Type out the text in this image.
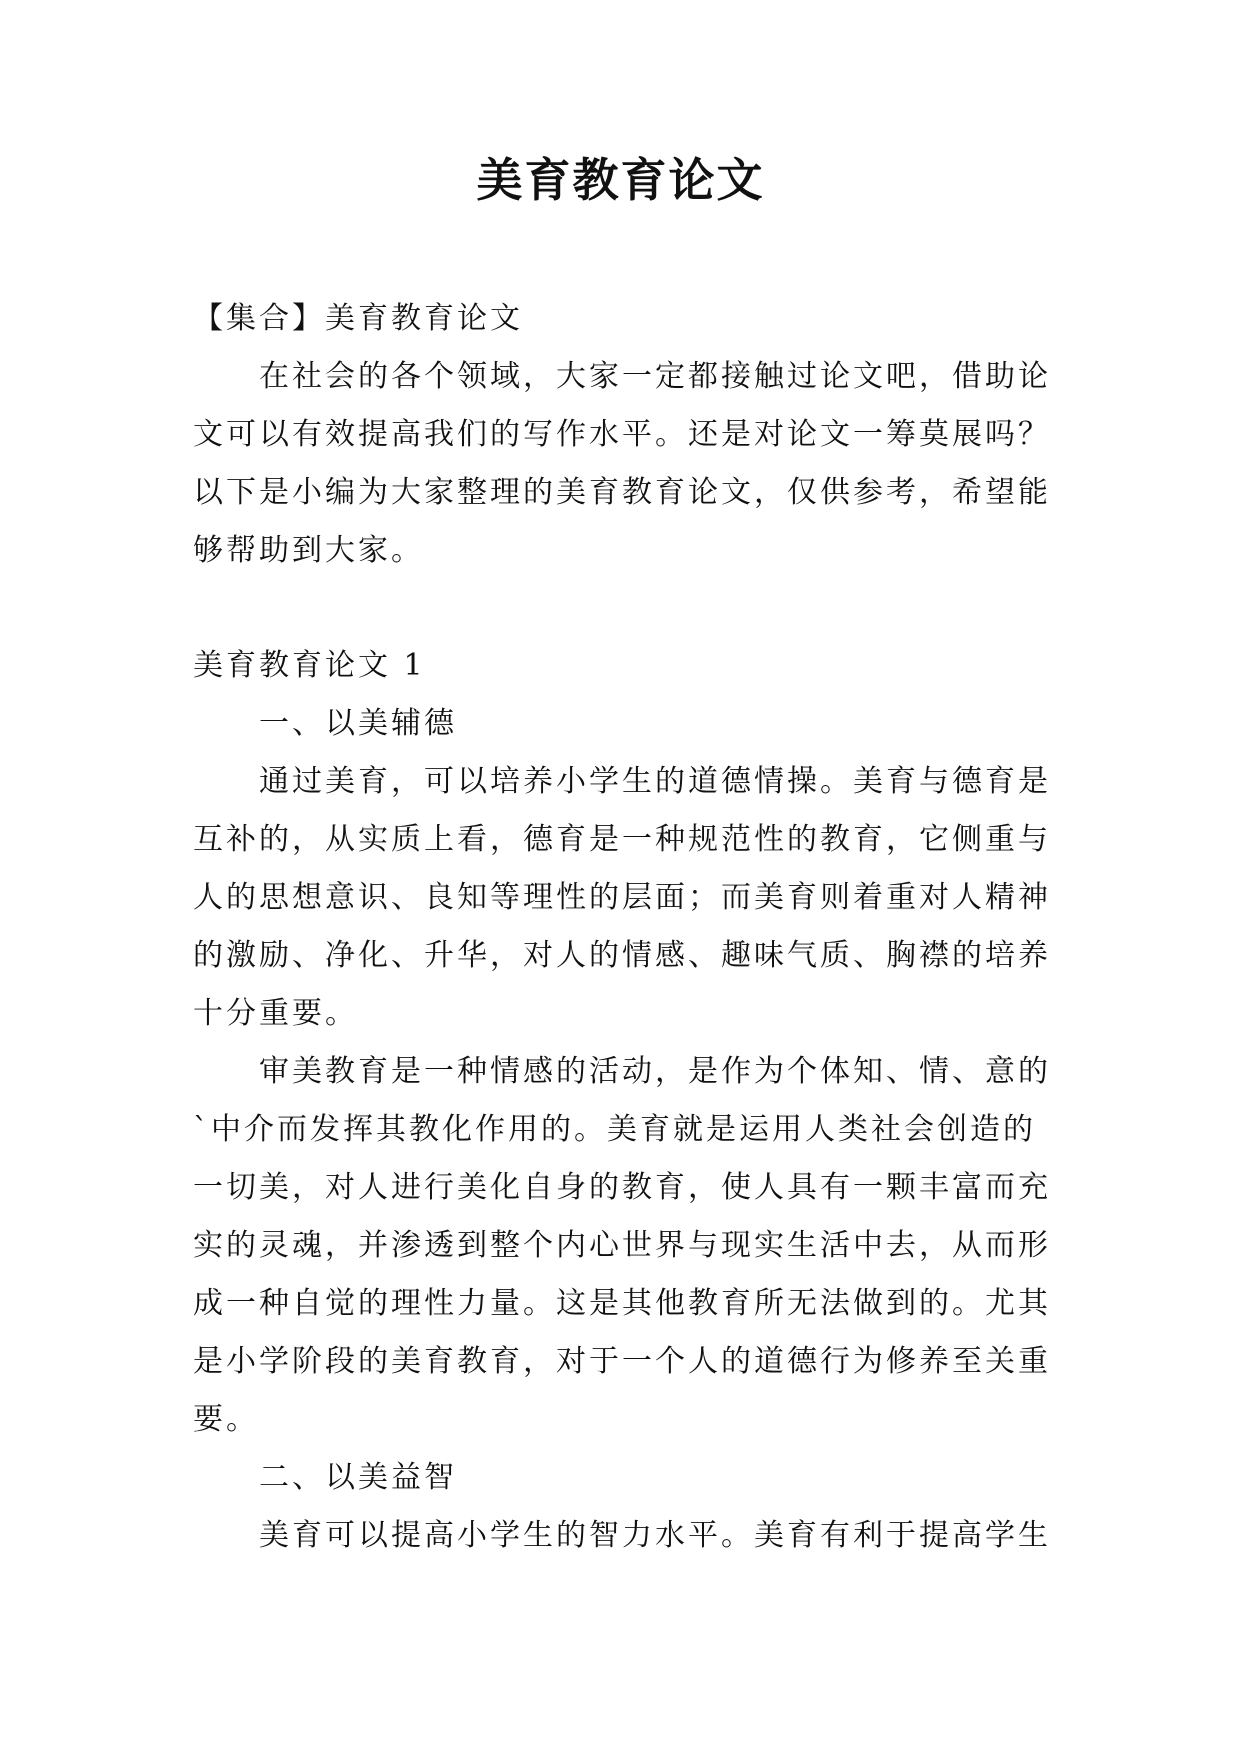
美育教育论文
【集合】美育教育论文
在社会的各个领域，大家一定都接触过论文吧，借助论
文可以有效提高我们的写作水平。还是对论文一筹莫展吗？
以下是小编为大家整理的美育教育论文，仅供参考，希望能
够帮助到大家。
美育教育论文 1
一、以美辅德
通过美育，可以培养小学生的道德情操。美育与德育是
互补的，从实质上看，德育是一种规范性的教育，它侧重与
人的思想意识、良知等理性的层面；而美育则着重对人精神
的激励、净化、升华，对人的情感、趣味气质、胸襟的培养
十分重要。
审美教育是一种情感的活动，是作为个体知、情、意的
`中介而发挥其教化作用的。美育就是运用人类社会创造的
一切美，对人进行美化自身的教育，使人具有一颗丰富而充
实的灵魂，并渗透到整个内心世界与现实生活中去，从而形
成一种自觉的理性力量。这是其他教育所无法做到的。尤其
是小学阶段的美育教育，对于一个人的道德行为修养至关重
要。
二、以美益智
美育可以提高小学生的智力水平。美育有利于提高学生
